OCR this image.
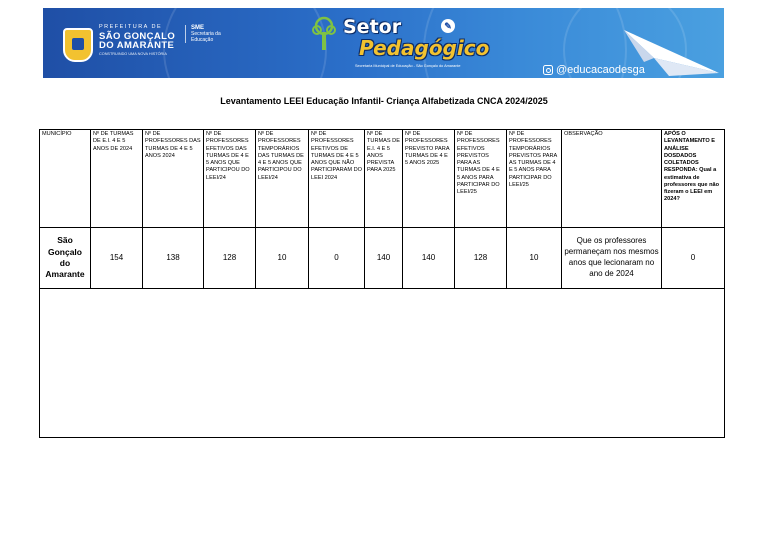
PREFEITURA DE
SÃO GONÇALO DO AMARANTE
CONSTRUINDO UMA NOVA HISTÓRIA
SME
Secretaria da
Educação
Setor	✎
Pedagógico
Secretaria Municipal de Educação - São Gonçalo do Amarante	@educacaodesga
Levantamento LEEI Educação Infantil- Criança Alfabetizada CNCA 2024/2025
MUNICÍPIO	Nº DE TURMAS DE E.I. 4 E 5 ANOS DE 2024	Nº DE PROFESSORES DAS TURMAS DE 4 E 5 ANOS 2024	Nº DE PROFESSORES EFETIVOS DAS TURMAS DE 4 E 5 ANOS QUE PARTICIPOU DO LEEI/24	Nº DE PROFESSORES TEMPORÁRIOS DAS TURMAS DE 4 E 5 ANOS QUE PARTICIPOU DO LEEI/24	Nº DE PROFESSORES EFETIVOS DE TURMAS DE 4 E 5 ANOS QUE NÃO PARTICIPARAM DO LEEI 2024	Nº DE TURMAS DE E.I. 4 E 5 ANOS PREVISTA PARA 2025	Nº DE PROFESSORES PREVISTO PARA TURMAS DE 4 E 5 ANOS 2025	Nº DE PROFESSORES EFETIVOS PREVISTOS PARA AS TURMAS DE 4 E 5 ANOS PARA PARTICIPAR DO LEEI/25	Nº DE PROFESSORES TEMPORÁRIOS PREVISTOS PARA AS TURMAS DE 4 E 5 ANOS PARA PARTICIPAR DO LEEI/25	OBSERVAÇÃO	APÓS O LEVANTAMENTO E ANÁLISE DOSDADOS COLETADOS RESPONDA: Qual a estimativa de professores que não fizeram o LEEI em 2024?
São Gonçalo do Amarante	154	138	128	10	0	140	140	128	10	Que os professores permaneçam nos mesmos anos que lecionaram no ano de 2024	0
